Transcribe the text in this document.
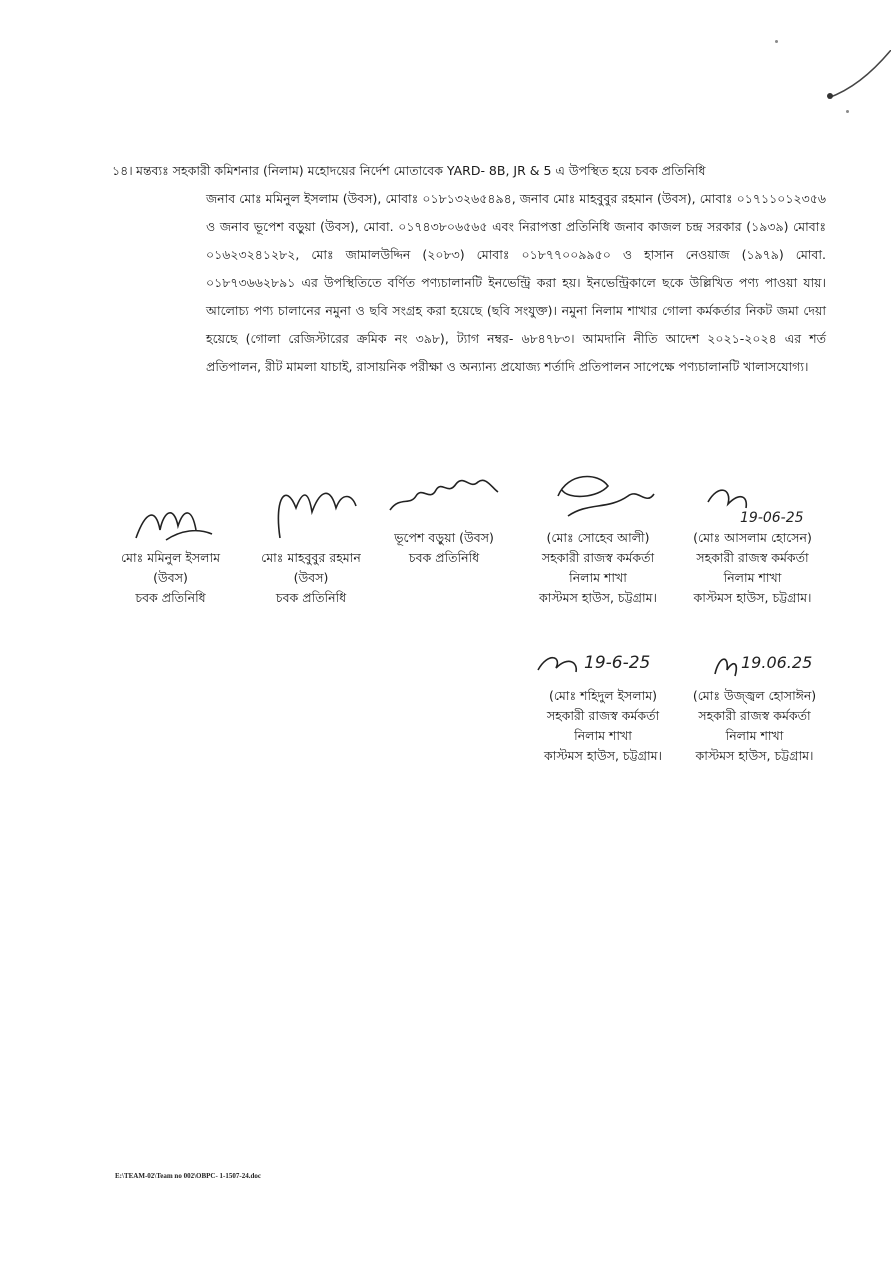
১৪। মন্তব্যঃ সহকারী কমিশনার (নিলাম) মহোদয়ের নির্দেশ মোতাবেক YARD- 8B, JR & 5 এ উপস্থিত হয়ে চবক প্রতিনিধি
জনাব মোঃ মমিনুল ইসলাম (উবস), মোবাঃ ০১৮১৩২৬৫৪৯৪, জনাব মোঃ মাহবুবুর রহমান (উবস), মোবাঃ ০১৭১১০১২৩৫৬ ও জনাব ভূপেশ বড়ুয়া (উবস), মোবা. ০১৭৪৩৮০৬৫৬৫ এবং নিরাপত্তা প্রতিনিধি জনাব কাজল চন্দ্র সরকার (১৯৩৯) মোবাঃ ০১৬২৩২৪১২৮২, মোঃ জামালউদ্দিন (২০৮৩) মোবাঃ ০১৮৭৭০০৯৯৫০ ও হাসান নেওয়াজ (১৯৭৯) মোবা. ০১৮৭৩৬৬২৮৯১ এর উপস্থিতিতে বর্ণিত পণ্যচালানটি ইনভেন্ট্রি করা হয়। ইনভেন্ট্রিকালে ছকে উল্লিখিত পণ্য পাওয়া যায়। আলোচ্য পণ্য চালানের নমুনা ও ছবি সংগ্রহ করা হয়েছে (ছবি সংযুক্ত)। নমুনা নিলাম শাখার গোলা কর্মকর্তার নিকট জমা দেয়া হয়েছে (গোলা রেজিস্টারের ক্রমিক নং ৩৯৮), ট্যাগ নম্বর- ৬৮৪৭৮৩। আমদানি নীতি আদেশ ২০২১-২০২৪ এর শর্ত প্রতিপালন, রীট মামলা যাচাই, রাসায়নিক পরীক্ষা ও অন্যান্য প্রযোজ্য শর্তাদি প্রতিপালন সাপেক্ষে পণ্যচালানটি খালাসযোগ্য।
মোঃ মমিনুল ইসলাম
(উবস)
চবক প্রতিনিধি
মোঃ মাহবুবুর রহমান
(উবস)
চবক প্রতিনিধি
ভূপেশ বড়ুয়া (উবস)
চবক প্রতিনিধি
(মোঃ সোহেব আলী)
সহকারী রাজস্ব কর্মকর্তা
নিলাম শাখা
কাস্টমস হাউস, চট্টগ্রাম।
19-06-25
(মোঃ আসলাম হোসেন)
সহকারী রাজস্ব কর্মকর্তা
নিলাম শাখা
কাস্টমস হাউস, চট্টগ্রাম।
19-6-25
(মোঃ শহিদুল ইসলাম)
সহকারী রাজস্ব কর্মকর্তা
নিলাম শাখা
কাস্টমস হাউস, চট্টগ্রাম।
19.06.25
(মোঃ উজ্জ্বল হোসাঈন)
সহকারী রাজস্ব কর্মকর্তা
নিলাম শাখা
কাস্টমস হাউস, চট্টগ্রাম।
E:\TEAM-02\Team no 002\OBPC- 1-1507-24.doc
